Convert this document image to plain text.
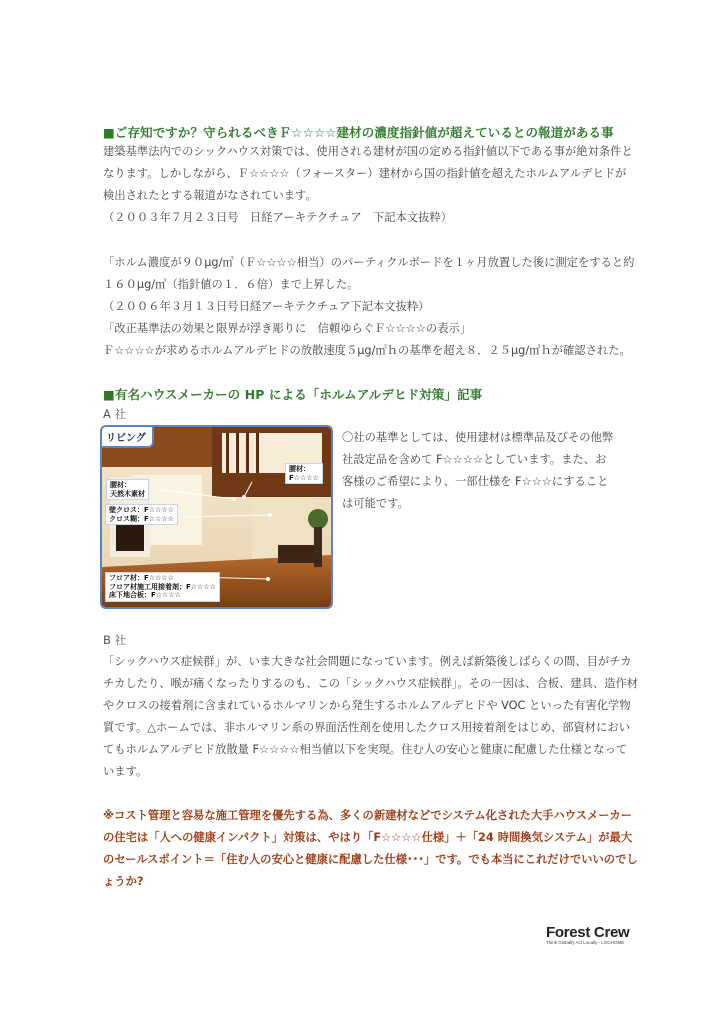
■ご存知ですか？守られるべきＦ☆☆☆☆建材の濃度指針値が超えているとの報道がある事
建築基準法内でのシックハウス対策では、使用される建材が国の定める指針値以下である事が絶対条件と
なります。しかしながら、Ｆ☆☆☆☆（フォースター）建材から国の指針値を超えたホルムアルデヒドが
検出されたとする報道がなされています。
（２００３年７月２３日号　日経アーキテクチュア　下記本文抜粋）
「ホルム濃度が９０μg/㎥（Ｆ☆☆☆☆相当）のパーティクルボードを１ヶ月放置した後に測定をすると約
１６０μg/㎥（指針値の１．６倍）まで上昇した。
（２００６年３月１３日号日経アーキテクチュア下記本文抜粋）
「改正基準法の効果と限界が浮き彫りに　信頼ゆらぐＦ☆☆☆☆の表示」
Ｆ☆☆☆☆が求めるホルムアルデヒドの放散速度５μg/㎡ｈの基準を超え８．２５μg/㎡ｈが確認された。
■有名ハウスメーカーの HP による「ホルムアルデヒド対策」記事
A 社
リビング
腰材：
F☆☆☆☆
腰材：
天然木素材
壁クロス：F☆☆☆☆
クロス糊：F☆☆☆☆
フロア材：F☆☆☆☆
フロア材施工用接着剤：F☆☆☆☆
床下地合板：F☆☆☆☆
〇社の基準としては、使用建材は標準品及びその他弊
社設定品を含めて F☆☆☆☆としています。また、お
客様のご希望により、一部仕様を F☆☆☆にすること
は可能です。
B 社
「シックハウス症候群」が、いま大きな社会問題になっています。例えば新築後しばらくの間、目がチカ
チカしたり、喉が痛くなったりするのも、この「シックハウス症候群」。その一因は、合板、建具、造作材
やクロスの接着剤に含まれているホルマリンから発生するホルムアルデヒドや VOC といった有害化学物
質です。△ホームでは、非ホルマリン系の界面活性剤を使用したクロス用接着剤をはじめ、部資材におい
てもホルムアルデヒド放散量 F☆☆☆☆相当値以下を実現。住む人の安心と健康に配慮した仕様となって
います。
※コスト管理と容易な施工管理を優先する為、多くの新建材などでシステム化された大手ハウスメーカー
の住宅は「人への健康インパクト」対策は、やはり「F☆☆☆☆仕様」＋「24 時間換気システム」が最大
のセールスポイント＝「住む人の安心と健康に配慮した仕様･･･」です。でも本当にこれだけでいいのでし
ょうか?
Forest Crew
Think Globally Act Locally - LOGHOME
